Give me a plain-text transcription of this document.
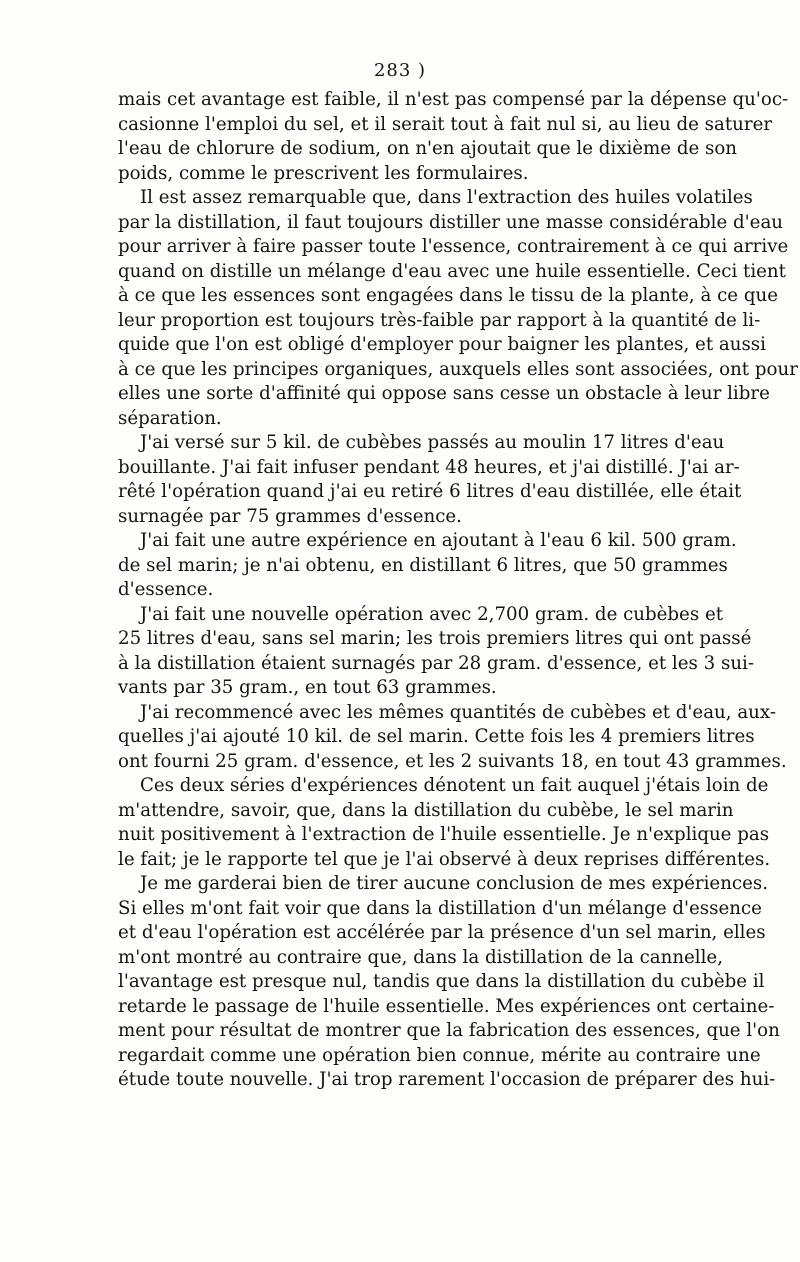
283 )
mais cet avantage est faible, il n'est pas compensé par la dépense qu'oc-
casionne l'emploi du sel, et il serait tout à fait nul si, au lieu de saturer
l'eau de chlorure de sodium, on n'en ajoutait que le dixième de son
poids, comme le prescrivent les formulaires.
Il est assez remarquable que, dans l'extraction des huiles volatiles
par la distillation, il faut toujours distiller une masse considérable d'eau
pour arriver à faire passer toute l'essence, contrairement à ce qui arrive
quand on distille un mélange d'eau avec une huile essentielle. Ceci tient
à ce que les essences sont engagées dans le tissu de la plante, à ce que
leur proportion est toujours très-faible par rapport à la quantité de li-
quide que l'on est obligé d'employer pour baigner les plantes, et aussi
à ce que les principes organiques, auxquels elles sont associées, ont pour
elles une sorte d'affinité qui oppose sans cesse un obstacle à leur libre
séparation.
J'ai versé sur 5 kil. de cubèbes passés au moulin 17 litres d'eau
bouillante. J'ai fait infuser pendant 48 heures, et j'ai distillé. J'ai ar-
rêté l'opération quand j'ai eu retiré 6 litres d'eau distillée, elle était
surnagée par 75 grammes d'essence.
J'ai fait une autre expérience en ajoutant à l'eau 6 kil. 500 gram.
de sel marin; je n'ai obtenu, en distillant 6 litres, que 50 grammes
d'essence.
J'ai fait une nouvelle opération avec 2,700 gram. de cubèbes et
25 litres d'eau, sans sel marin; les trois premiers litres qui ont passé
à la distillation étaient surnagés par 28 gram. d'essence, et les 3 sui-
vants par 35 gram., en tout 63 grammes.
J'ai recommencé avec les mêmes quantités de cubèbes et d'eau, aux-
quelles j'ai ajouté 10 kil. de sel marin. Cette fois les 4 premiers litres
ont fourni 25 gram. d'essence, et les 2 suivants 18, en tout 43 grammes.
Ces deux séries d'expériences dénotent un fait auquel j'étais loin de
m'attendre, savoir, que, dans la distillation du cubèbe, le sel marin
nuit positivement à l'extraction de l'huile essentielle. Je n'explique pas
le fait; je le rapporte tel que je l'ai observé à deux reprises différentes.
Je me garderai bien de tirer aucune conclusion de mes expériences.
Si elles m'ont fait voir que dans la distillation d'un mélange d'essence
et d'eau l'opération est accélérée par la présence d'un sel marin, elles
m'ont montré au contraire que, dans la distillation de la cannelle,
l'avantage est presque nul, tandis que dans la distillation du cubèbe il
retarde le passage de l'huile essentielle. Mes expériences ont certaine-
ment pour résultat de montrer que la fabrication des essences, que l'on
regardait comme une opération bien connue, mérite au contraire une
étude toute nouvelle. J'ai trop rarement l'occasion de préparer des hui-
